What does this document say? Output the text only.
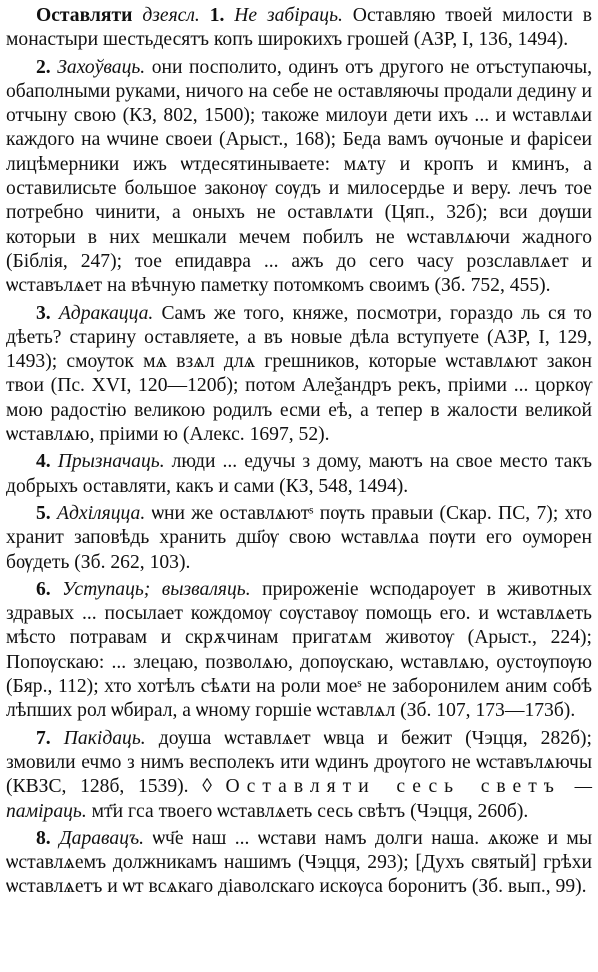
Оставляти дзеясл. 1. Не забіраць. Оставляю твоей милости в монастыри шестьдесятъ копъ широкихъ грошей (АЗР, I, 136, 1494).

2. Захоўваць. они посполито, одинъ отъ другого не отъступаючы, обаполными руками, ничого на себе не оставляючы продали дедину и отчыну свою (КЗ, 802, 1500); такоже милоуи дети ихъ ... и ѡставлѧи каждого на ѡчине своеи (Арыст., 168); Беда вамъ ѹчоные и фарісеи лицѣмерники ижъ ѡтдесятинываете: мѧту и кропъ и кминъ, а оставилисьте большое законѹ сѹдъ и милосердье и веру. лечъ тое потребно чинити, а оныхъ не оставлѧти (Цяп., 32б); вси дѹши которыи в них мешкали мечем побилъ не ѡставлѧючи жадного (Біблія, 247); тое епидавра ... ажъ до сего часу розславлѧет и ѡставълѧет на вѣчную паметку потомкомъ своимъ (Зб. 752, 455).

3. Адракацца. Самъ же того, княже, посмотри, гораздо ль ся то дѣеть? старину оставляете, а въ новые дѣла вступуете (АЗР, I, 129, 1493); смоуток мѧ взѧл длѧ грешников, которые ѡставлѧют закон твои (Пс. XVI, 120—120б); потом Алеѯандръ рекъ, пріими ... цоркѹ мою радостію великою родилъ есми еѣ, а тепер в жалости великой ѡставлѧю, пріими ю (Алекс. 1697, 52).

4. Прызначаць. люди ... едучы з дому, маютъ на свое место такъ добрыхъ оставляти, какъ и сами (КЗ, 548, 1494).

5. Адхіляцца. ѡни же оставлѧютˢ пѹть правыи (Скар. ПС, 7); хто хранит заповѣдь хранить дш҃ѹ свою ѡставлѧа пѹти его оуморен бѹдеть (Зб. 262, 103).

6. Уступаць; вызваляць. прироженіе ѡсподароует в животных здравых ... посылает кождомѹ сѹставѹ помощь его. и ѡставлѧеть мѣсто потравам и скрѫчинам пригатѧм животѹ (Арыст., 224); Попѹскаю: ... злецаю, позволѧю, допѹскаю, ѡставлѧю, оустѹпѹю (Бяр., 112); хто хотѣлъ сѣѧти на роли моеˢ не заборонилем аним собѣ лѣпших рол ѡбирал, а ѡному горшіе ѡставлѧл (Зб. 107, 173—173б).

7. Пакідаць. доуша ѡставлѧет ѡвца и бежит (Чэцця, 282б); змовили ечмо з нимъ весполекъ ити ѡдинъ дрѹгого не ѡставълѧючы (КВЗС, 128б, 1539). ◊ Оставляти сесь светъ — паміраць. мт҃и гса твоего ѡставлѧеть сесь свѣтъ (Чэцця, 260б).

8. Даравацъ. ѡч҃е наш ... ѡстави намъ долги наша. ѧкоже и мы ѡставлѧемъ должникамъ нашимъ (Чэцця, 293); [Духъ святый] грѣхи ѡставлѧетъ и ѡт всѧкаго діаволскаго искѹса боронитъ (Зб. вып., 99).
